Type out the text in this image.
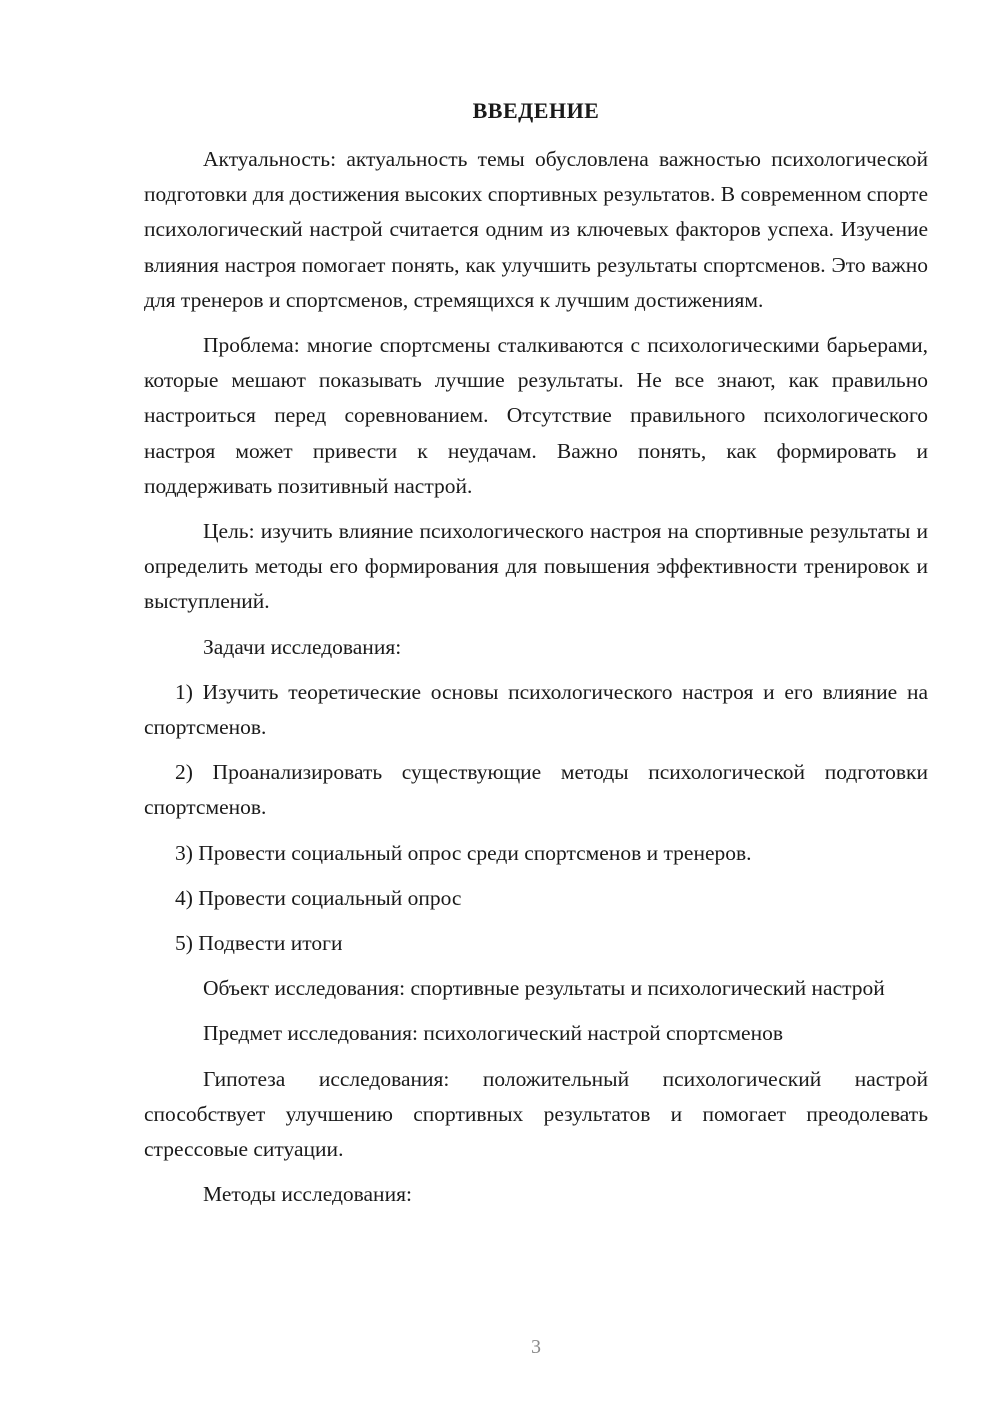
ВВЕДЕНИЕ

Актуальность: актуальность темы обусловлена важностью психологической подготовки для достижения высоких спортивных результатов. В современном спорте психологический настрой считается одним из ключевых факторов успеха. Изучение влияния настроя помогает понять, как улучшить результаты спортсменов. Это важно для тренеров и спортсменов, стремящихся к лучшим достижениям.

Проблема: многие спортсмены сталкиваются с психологическими барьерами, которые мешают показывать лучшие результаты. Не все знают, как правильно настроиться перед соревнованием. Отсутствие правильного психологического настроя может привести к неудачам. Важно понять, как формировать и поддерживать позитивный настрой.

Цель: изучить влияние психологического настроя на спортивные результаты и определить методы его формирования для повышения эффективности тренировок и выступлений.

Задачи исследования:

1) Изучить теоретические основы психологического настроя и его влияние на спортсменов.

2) Проанализировать существующие методы психологической подготовки спортсменов.

3) Провести социальный опрос среди спортсменов и тренеров.

4) Провести социальный опрос

5) Подвести итоги

Объект исследования: спортивные результаты и психологический настрой

Предмет исследования: психологический настрой спортсменов

Гипотеза исследования: положительный психологический настрой способствует улучшению спортивных результатов и помогает преодолевать стрессовые ситуации.

Методы исследования:

3
